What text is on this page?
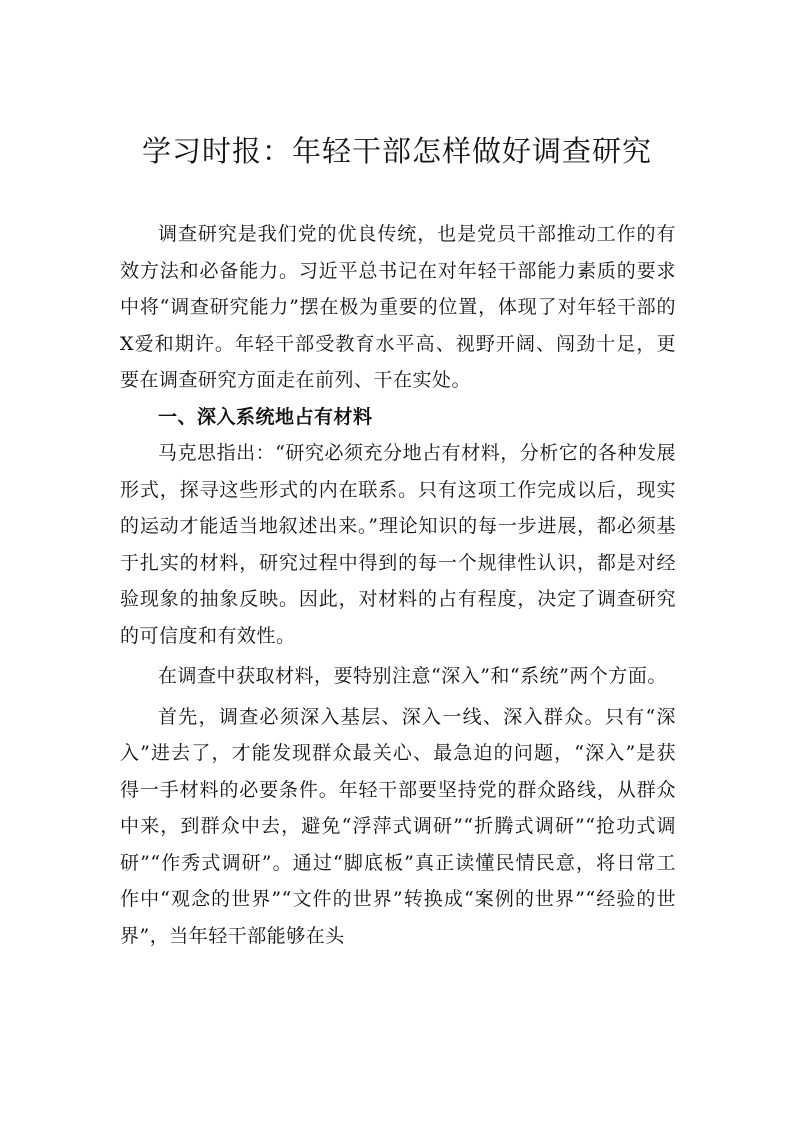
学习时报：年轻干部怎样做好调查研究

调查研究是我们党的优良传统，也是党员干部推动工作的有效方法和必备能力。习近平总书记在对年轻干部能力素质的要求中将“调查研究能力”摆在极为重要的位置，体现了对年轻干部的X爱和期许。年轻干部受教育水平高、视野开阔、闯劲十足，更要在调查研究方面走在前列、干在实处。

一、深入系统地占有材料

马克思指出：“研究必须充分地占有材料，分析它的各种发展形式，探寻这些形式的内在联系。只有这项工作完成以后，现实的运动才能适当地叙述出来。”理论知识的每一步进展，都必须基于扎实的材料，研究过程中得到的每一个规律性认识，都是对经验现象的抽象反映。因此，对材料的占有程度，决定了调查研究的可信度和有效性。

在调查中获取材料，要特别注意“深入”和“系统”两个方面。

首先，调查必须深入基层、深入一线、深入群众。只有“深入”进去了，才能发现群众最关心、最急迫的问题，“深入”是获得一手材料的必要条件。年轻干部要坚持党的群众路线，从群众中来，到群众中去，避免“浮萍式调研”“折腾式调研”“抢功式调研”“作秀式调研”。通过“脚底板”真正读懂民情民意，将日常工作中“观念的世界”“文件的世界”转换成“案例的世界”“经验的世界”，当年轻干部能够在头
